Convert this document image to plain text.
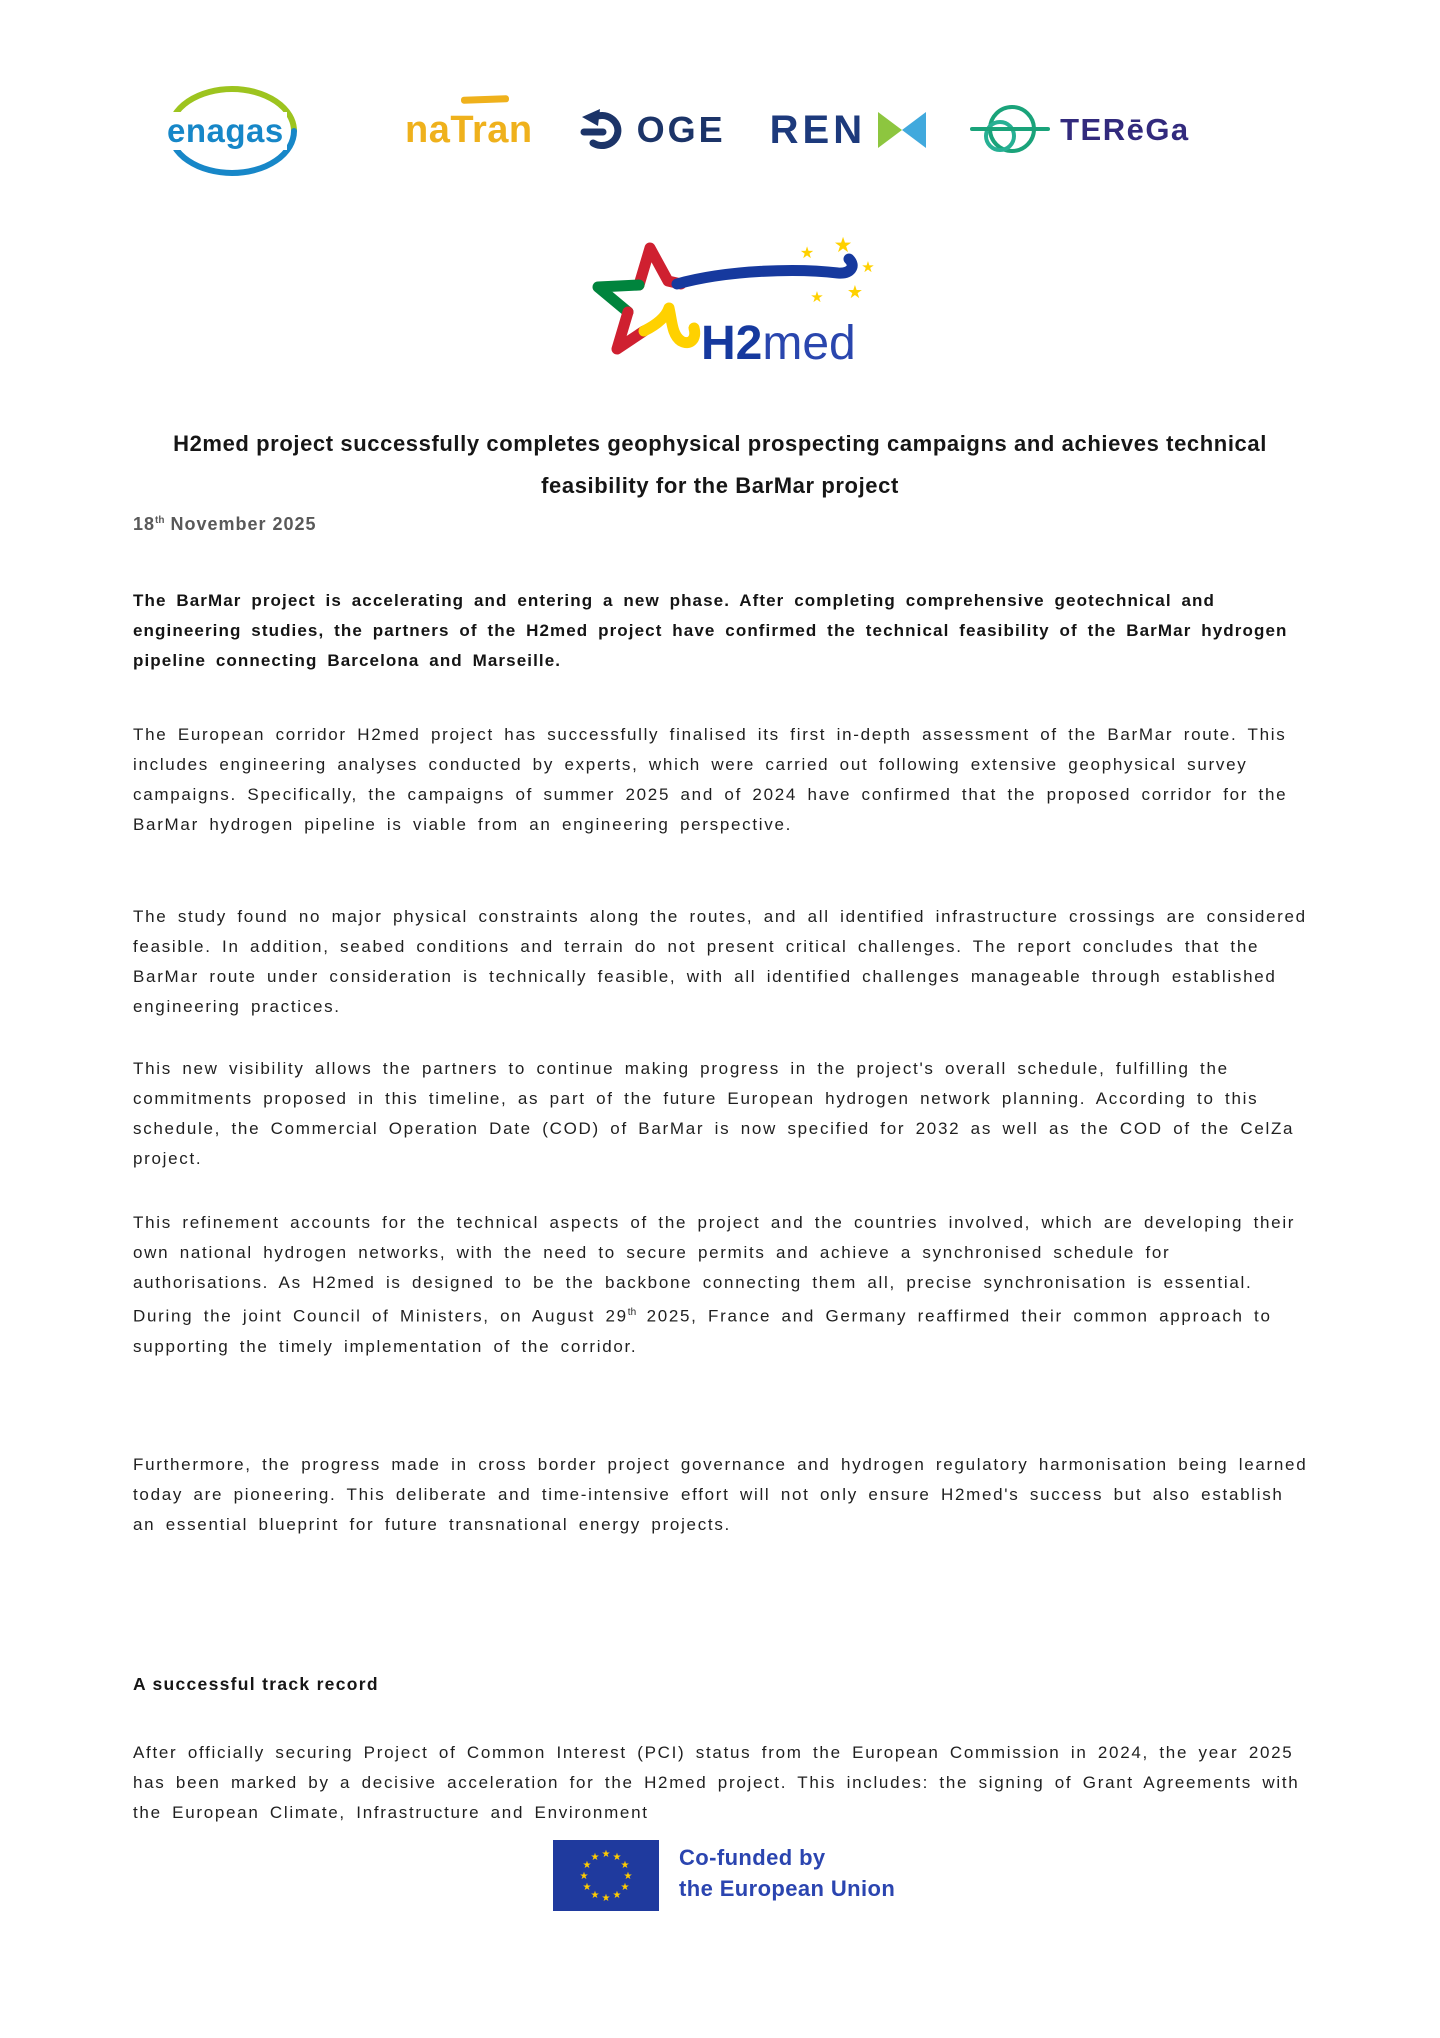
enagas	naTran	OGE REN	TERēGa
★ ★
★
★ ★
H2med
H2med project successfully completes geophysical prospecting campaigns and achieves technical feasibility for the BarMar project
18th November 2025

The BarMar project is accelerating and entering a new phase. After completing comprehensive geotechnical and engineering studies, the partners of the H2med project have confirmed the technical feasibility of the BarMar hydrogen pipeline connecting Barcelona and Marseille.

The European corridor H2med project has successfully finalised its first in-depth assessment of the BarMar route. This includes engineering analyses conducted by experts, which were carried out following extensive geophysical survey campaigns. Specifically, the campaigns of summer 2025 and of 2024 have confirmed that the proposed corridor for the BarMar hydrogen pipeline is viable from an engineering perspective.

The study found no major physical constraints along the routes, and all identified infrastructure crossings are considered feasible. In addition, seabed conditions and terrain do not present critical challenges. The report concludes that the BarMar route under consideration is technically feasible, with all identified challenges manageable through established engineering practices.

This new visibility allows the partners to continue making progress in the project's overall schedule, fulfilling the commitments proposed in this timeline, as part of the future European hydrogen network planning. According to this schedule, the Commercial Operation Date (COD) of BarMar is now specified for 2032 as well as the COD of the CelZa project.

This refinement accounts for the technical aspects of the project and the countries involved, which are developing their own national hydrogen networks, with the need to secure permits and achieve a synchronised schedule for authorisations. As H2med is designed to be the backbone connecting them all, precise synchronisation is essential. During the joint Council of Ministers, on August 29th 2025, France and Germany reaffirmed their common approach to supporting the timely implementation of the corridor.

Furthermore, the progress made in cross border project governance and hydrogen regulatory harmonisation being learned today are pioneering. This deliberate and time-intensive effort will not only ensure H2med's success but also establish an essential blueprint for future transnational energy projects.

A successful track record

After officially securing Project of Common Interest (PCI) status from the European Commission in 2024, the year 2025 has been marked by a decisive acceleration for the H2med project. This includes: the signing of Grant Agreements with the European Climate, Infrastructure and Environment

★ ★
★
★
★
★
★
★
★
★
★
★	Co-funded by
the European Union
